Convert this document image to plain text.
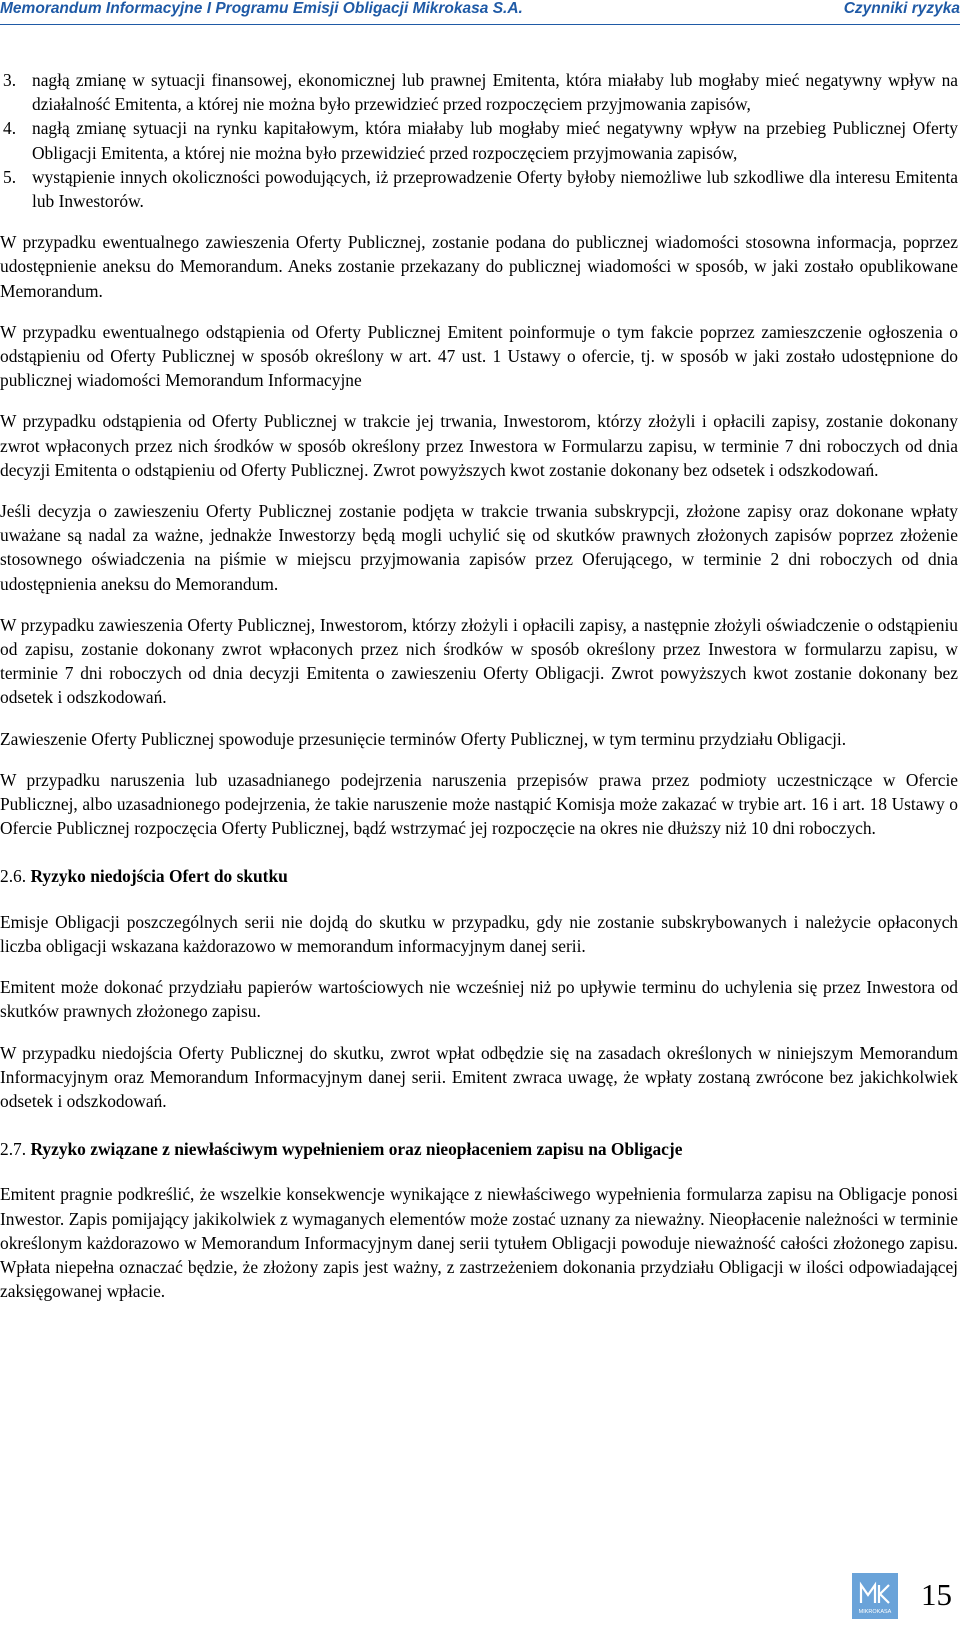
Memorandum Informacyjne I Programu Emisji Obligacji Mikrokasa S.A.	Czynniki ryzyka
3. nagłą zmianę w sytuacji finansowej, ekonomicznej lub prawnej Emitenta, która miałaby lub mogłaby mieć negatywny wpływ na działalność Emitenta, a której nie można było przewidzieć przed rozpoczęciem przyjmowania zapisów,
4. nagłą zmianę sytuacji na rynku kapitałowym, która miałaby lub mogłaby mieć negatywny wpływ na przebieg Publicznej Oferty Obligacji Emitenta, a której nie można było przewidzieć przed rozpoczęciem przyjmowania zapisów,
5. wystąpienie innych okoliczności powodujących, iż przeprowadzenie Oferty byłoby niemożliwe lub szkodliwe dla interesu Emitenta lub Inwestorów.

W przypadku ewentualnego zawieszenia Oferty Publicznej, zostanie podana do publicznej wiadomości stosowna informacja, poprzez udostępnienie aneksu do Memorandum. Aneks zostanie przekazany do publicznej wiadomości w sposób, w jaki zostało opublikowane Memorandum.

W przypadku ewentualnego odstąpienia od Oferty Publicznej Emitent poinformuje o tym fakcie poprzez zamieszczenie ogłoszenia o odstąpieniu od Oferty Publicznej w sposób określony w art. 47 ust. 1 Ustawy o ofercie, tj. w sposób w jaki zostało udostępnione do publicznej wiadomości Memorandum Informacyjne

W przypadku odstąpienia od Oferty Publicznej w trakcie jej trwania, Inwestorom, którzy złożyli i opłacili zapisy, zostanie dokonany zwrot wpłaconych przez nich środków w sposób określony przez Inwestora w Formularzu zapisu, w terminie 7 dni roboczych od dnia decyzji Emitenta o odstąpieniu od Oferty Publicznej. Zwrot powyższych kwot zostanie dokonany bez odsetek i odszkodowań.

Jeśli decyzja o zawieszeniu Oferty Publicznej zostanie podjęta w trakcie trwania subskrypcji, złożone zapisy oraz dokonane wpłaty uważane są nadal za ważne, jednakże Inwestorzy będą mogli uchylić się od skutków prawnych złożonych zapisów poprzez złożenie stosownego oświadczenia na piśmie w miejscu przyjmowania zapisów przez Oferującego, w terminie 2 dni roboczych od dnia udostępnienia aneksu do Memorandum.

W przypadku zawieszenia Oferty Publicznej, Inwestorom, którzy złożyli i opłacili zapisy, a następnie złożyli oświadczenie o odstąpieniu od zapisu, zostanie dokonany zwrot wpłaconych przez nich środków w sposób określony przez Inwestora w formularzu zapisu, w terminie 7 dni roboczych od dnia decyzji Emitenta o zawieszeniu Oferty Obligacji. Zwrot powyższych kwot zostanie dokonany bez odsetek i odszkodowań.

Zawieszenie Oferty Publicznej spowoduje przesunięcie terminów Oferty Publicznej, w tym terminu przydziału Obligacji.

W przypadku naruszenia lub uzasadnianego podejrzenia naruszenia przepisów prawa przez podmioty uczestniczące w Ofercie Publicznej, albo uzasadnionego podejrzenia, że takie naruszenie może nastąpić Komisja może zakazać w trybie art. 16 i art. 18 Ustawy o Ofercie Publicznej rozpoczęcia Oferty Publicznej, bądź wstrzymać jej rozpoczęcie na okres nie dłuższy niż 10 dni roboczych.

2.6. Ryzyko niedojścia Ofert do skutku

Emisje Obligacji poszczególnych serii nie dojdą do skutku w przypadku, gdy nie zostanie subskrybowanych i należycie opłaconych liczba obligacji wskazana każdorazowo w memorandum informacyjnym danej serii.

Emitent może dokonać przydziału papierów wartościowych nie wcześniej niż po upływie terminu do uchylenia się przez Inwestora od skutków prawnych złożonego zapisu.

W przypadku niedojścia Oferty Publicznej do skutku, zwrot wpłat odbędzie się na zasadach określonych w niniejszym Memorandum Informacyjnym oraz Memorandum Informacyjnym danej serii. Emitent zwraca uwagę, że wpłaty zostaną zwrócone bez jakichkolwiek odsetek i odszkodowań.

2.7. Ryzyko związane z niewłaściwym wypełnieniem oraz nieopłaceniem zapisu na Obligacje

Emitent pragnie podkreślić, że wszelkie konsekwencje wynikające z niewłaściwego wypełnienia formularza zapisu na Obligacje ponosi Inwestor. Zapis pomijający jakikolwiek z wymaganych elementów może zostać uznany za nieważny. Nieopłacenie należności w terminie określonym każdorazowo w Memorandum Informacyjnym danej serii tytułem Obligacji powoduje nieważność całości złożonego zapisu. Wpłata niepełna oznaczać będzie, że złożony zapis jest ważny, z zastrzeżeniem dokonania przydziału Obligacji w ilości odpowiadającej zaksięgowanej wpłacie.

MIKROKASA 15
